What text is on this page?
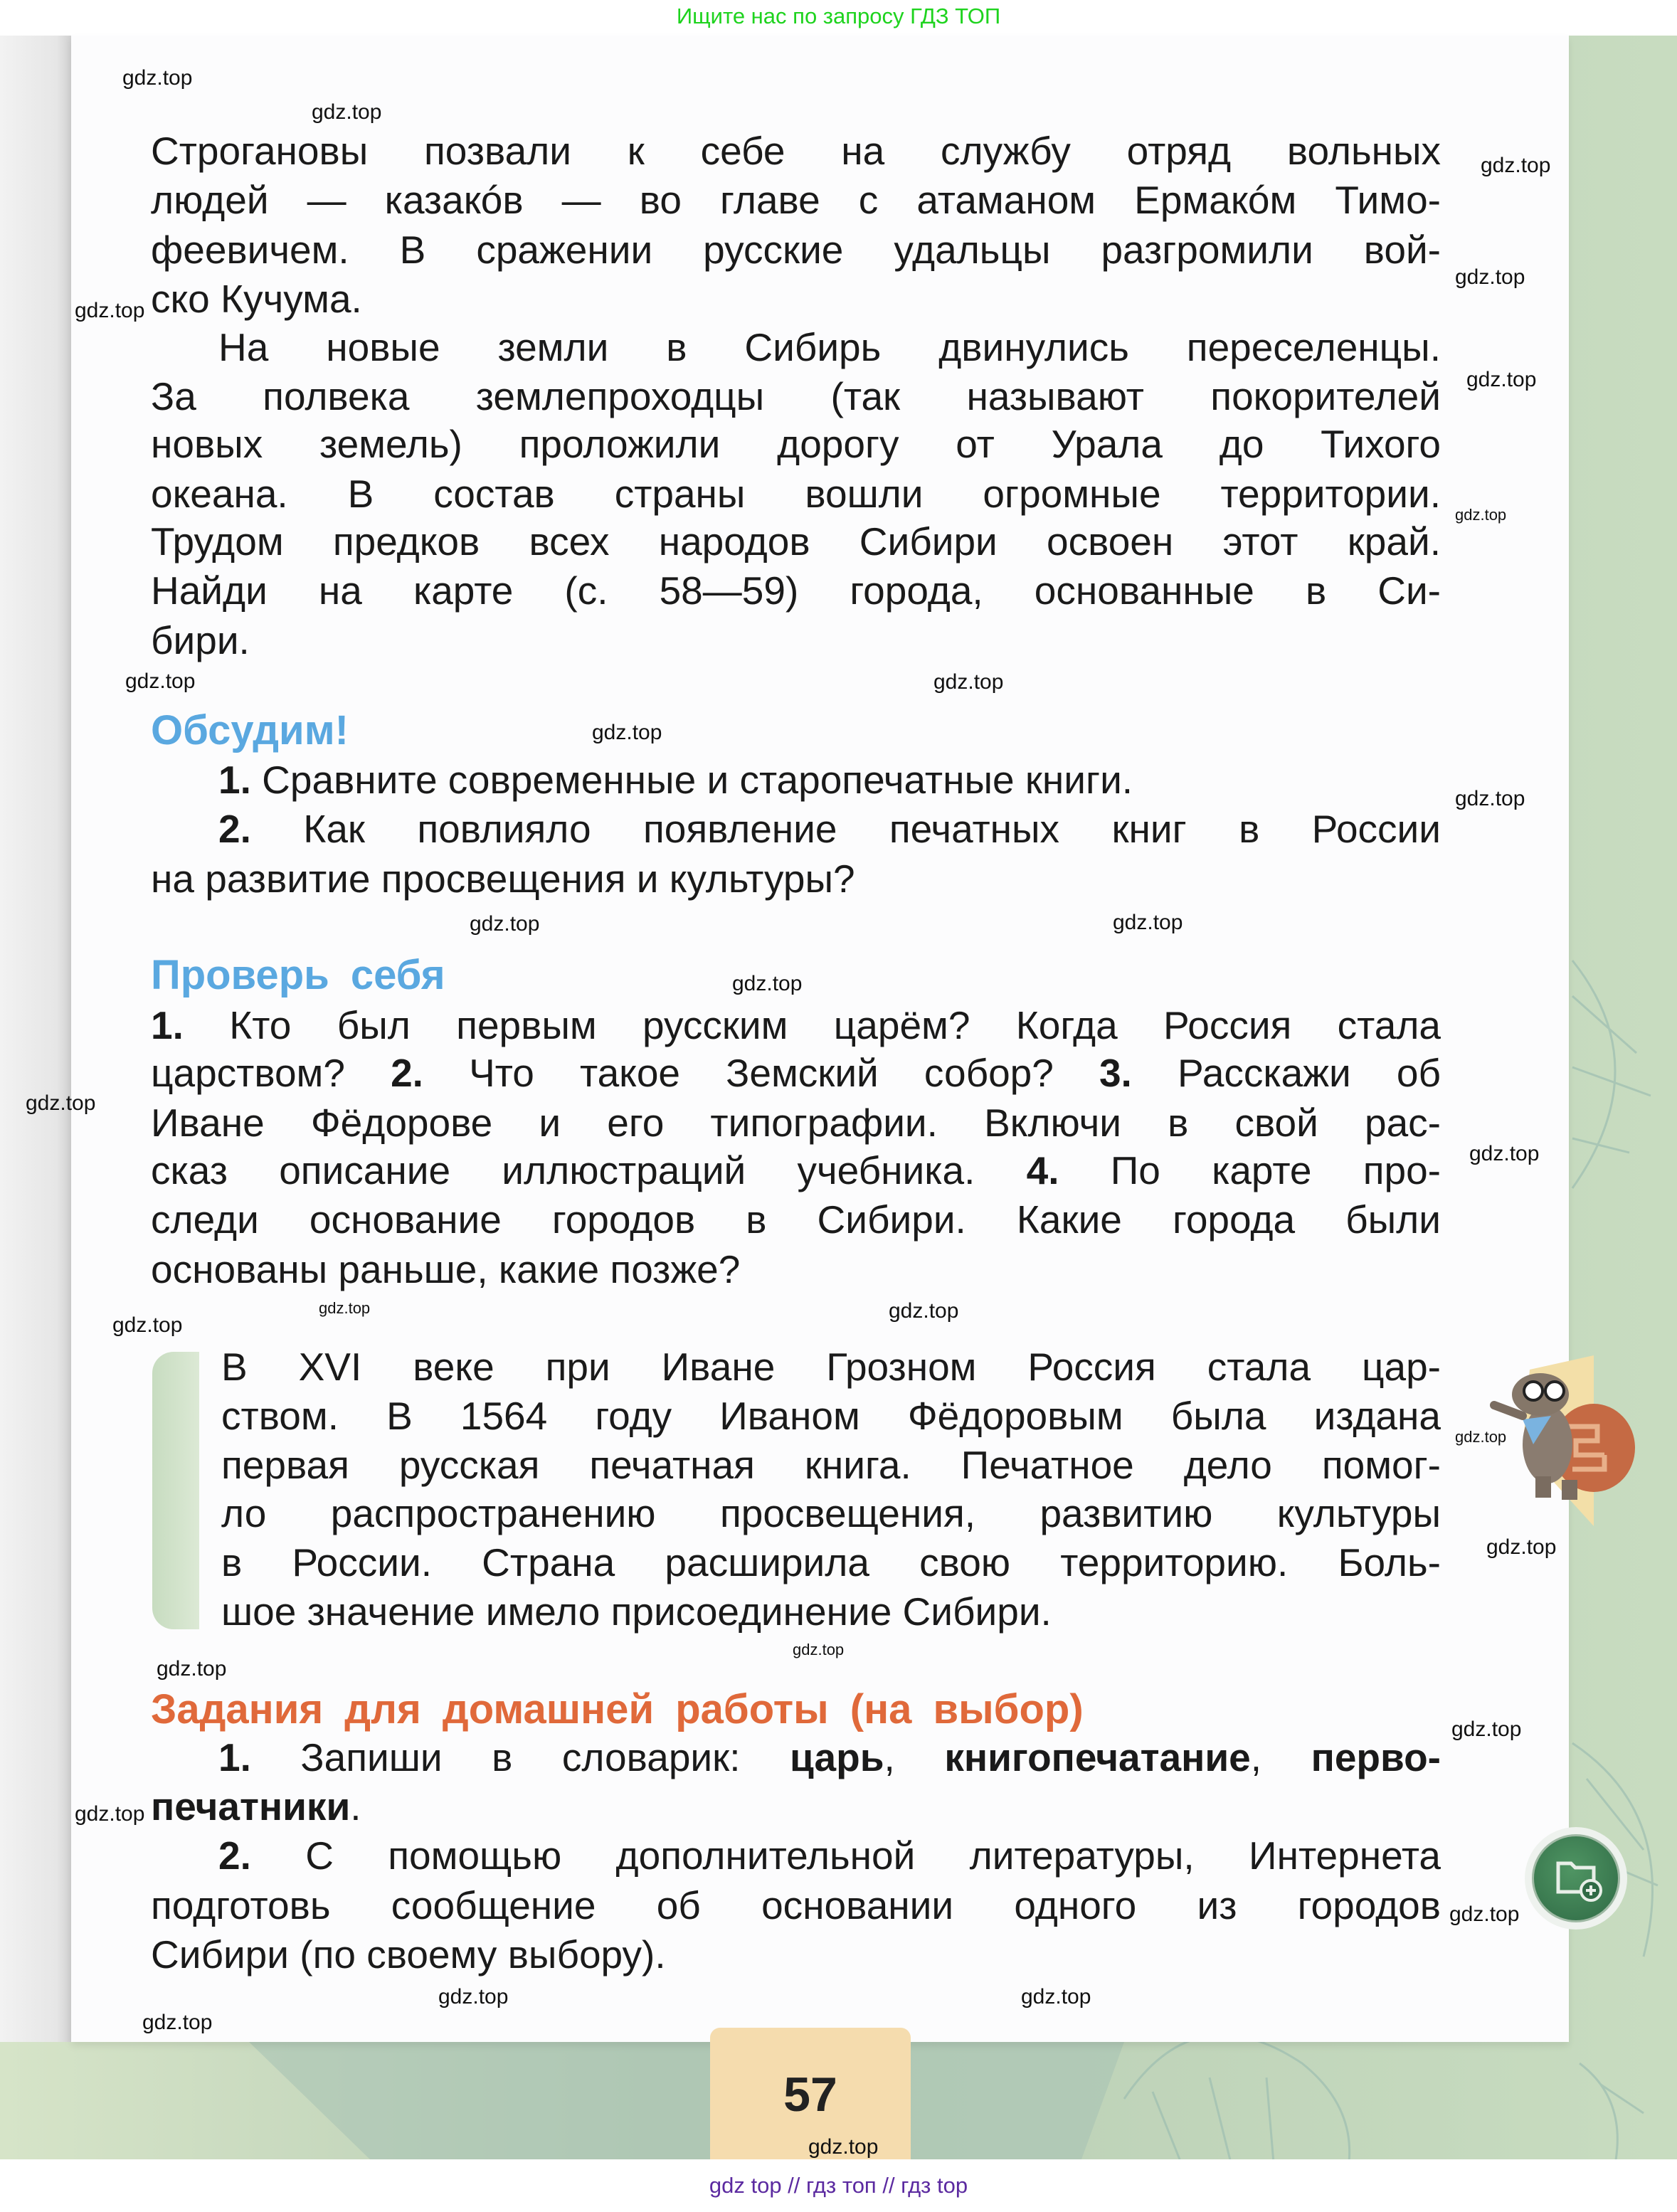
Ищите нас по запросу ГДЗ ТОП
57
Обсудим!
Проверь себя
Задания для домашней работы (на выбор)
Строгановы позвали к себе на службу отряд вольных
людей — казакóв — во главе с атаманом Ермакóм Тимо-
феевичем. В сражении русские удальцы разгромили вой-
ско Кучума.
На новые земли в Сибирь двинулись переселенцы.
За полвека землепроходцы (так называют покорителей
новых земель) проложили дорогу от Урала до Тихого
океана. В состав страны вошли огромные территории.
Трудом предков всех народов Сибири освоен этот край.
Найди на карте (с. 58—59) города, основанные в Си-
бири.
1. Сравните современные и старопечатные книги.
2. Как повлияло появление печатных книг в России
на развитие просвещения и культуры?
1. Кто был первым русским царём? Когда Россия стала
царством? 2. Что такое Земский собор? 3. Расскажи об
Иване Фёдорове и его типографии. Включи в свой рас-
сказ описание иллюстраций учебника. 4. По карте про-
следи основание городов в Сибири. Какие города были
основаны раньше, какие позже?
В XVI веке при Иване Грозном Россия стала цар-
ством. В 1564 году Иваном Фёдоровым была издана
первая русская печатная книга. Печатное дело помог-
ло распространению просвещения, развитию культуры
в России. Страна расширила свою территорию. Боль-
шое значение имело присоединение Сибири.
1. Запиши в словарик: царь, книгопечатание, перво-
печатники.
2. С помощью дополнительной литературы, Интернета
подготовь сообщение об основании одного из городов
Сибири (по своему выбору).
gdz.top
gdz.top
gdz.top
gdz.top
gdz.top
gdz.top
gdz.top
gdz.top
gdz.top
gdz.top
gdz.top
gdz.top
gdz.top
gdz.top
gdz.top
gdz.top
gdz.top
gdz.top
gdz.top
gdz.top
gdz.top
gdz.top
gdz.top
gdz.top
gdz.top
gdz.top
gdz.top
gdz.top
gdz.top
gdz.top
gdz top // гдз топ // гдз top
